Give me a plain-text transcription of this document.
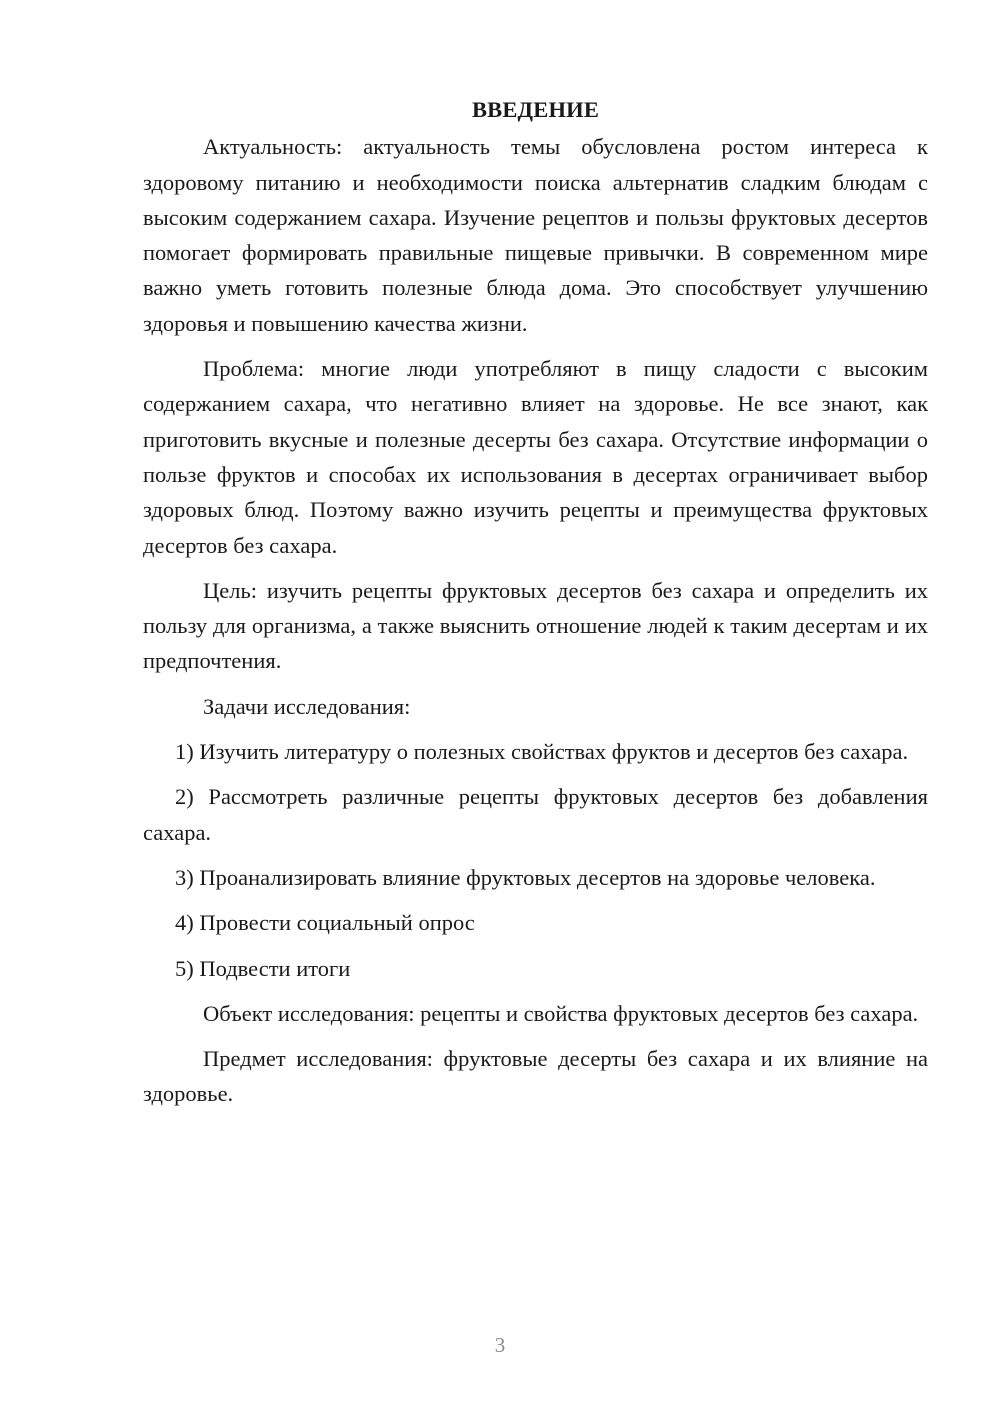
ВВЕДЕНИЕ

Актуальность: актуальность темы обусловлена ростом интереса к здоровому питанию и необходимости поиска альтернатив сладким блюдам с высоким содержанием сахара. Изучение рецептов и пользы фруктовых десертов помогает формировать правильные пищевые привычки. В современном мире важно уметь готовить полезные блюда дома. Это способствует улучшению здоровья и повышению качества жизни.

Проблема: многие люди употребляют в пищу сладости с высоким содержанием сахара, что негативно влияет на здоровье. Не все знают, как приготовить вкусные и полезные десерты без сахара. Отсутствие информации о пользе фруктов и способах их использования в десертах ограничивает выбор здоровых блюд. Поэтому важно изучить рецепты и преимущества фруктовых десертов без сахара.

Цель: изучить рецепты фруктовых десертов без сахара и определить их пользу для организма, а также выяснить отношение людей к таким десертам и их предпочтения.

Задачи исследования:

1) Изучить литературу о полезных свойствах фруктов и десертов без сахара.

2) Рассмотреть различные рецепты фруктовых десертов без добавления сахара.

3) Проанализировать влияние фруктовых десертов на здоровье человека.

4) Провести социальный опрос

5) Подвести итоги

Объект исследования: рецепты и свойства фруктовых десертов без сахара.

Предмет исследования: фруктовые десерты без сахара и их влияние на здоровье.

3
